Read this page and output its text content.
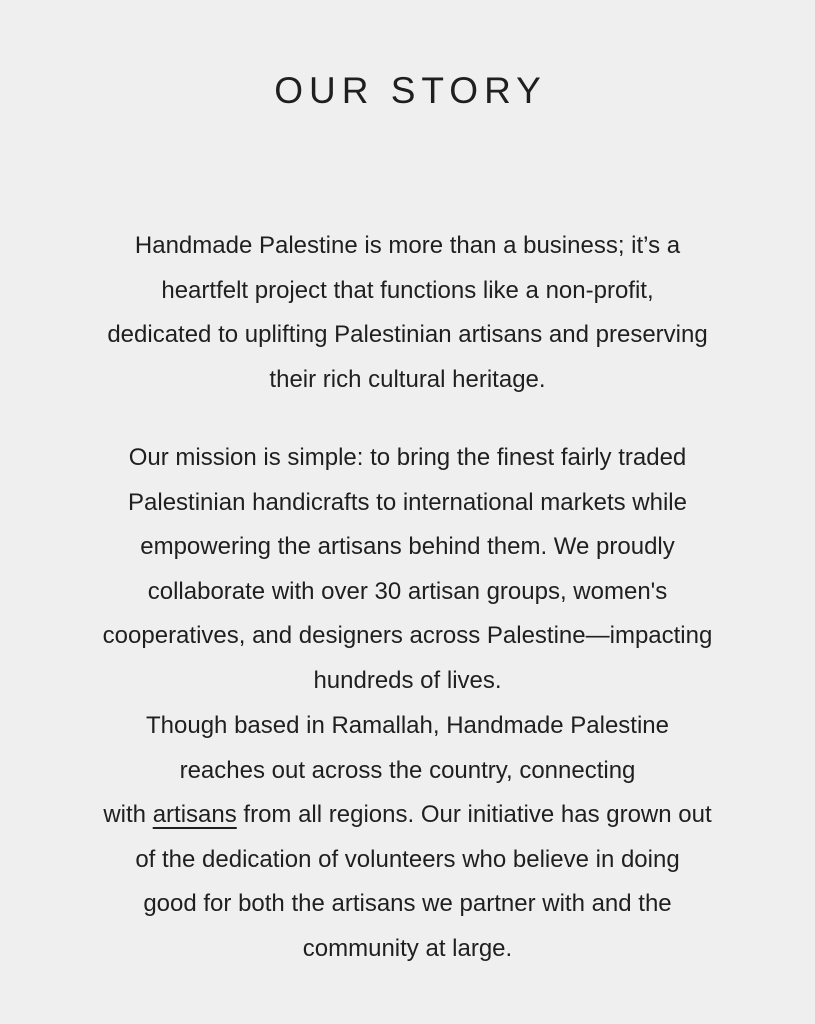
OUR STORY
Handmade Palestine is more than a business; it’s a
heartfelt project that functions like a non-profit,
dedicated to uplifting Palestinian artisans and preserving
their rich cultural heritage.
Our mission is simple: to bring the finest fairly traded
Palestinian handicrafts to international markets while
empowering the artisans behind them. We proudly
collaborate with over 30 artisan groups, women's
cooperatives, and designers across Palestine—impacting
hundreds of lives.
Though based in Ramallah, Handmade Palestine
reaches out across the country, connecting
with artisans from all regions. Our initiative has grown out
of the dedication of volunteers who believe in doing
good for both the artisans we partner with and the
community at large.
